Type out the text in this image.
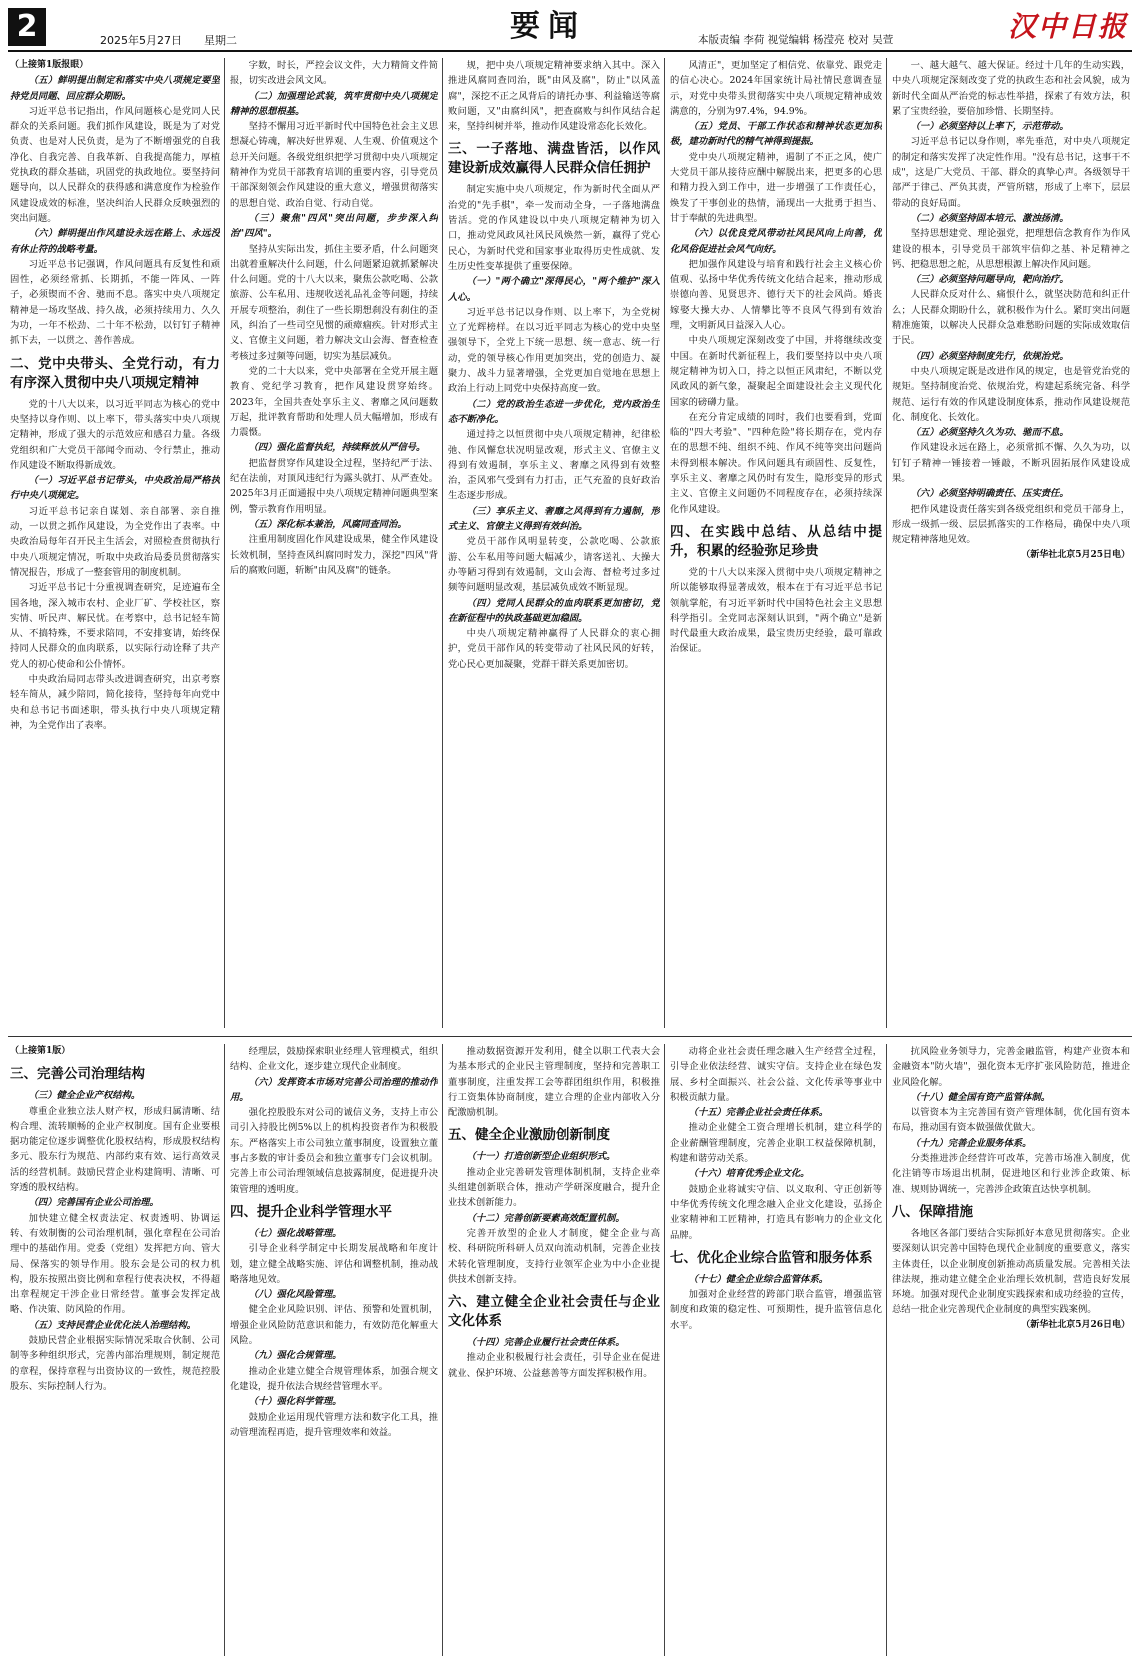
2	2025年5月27日 星期二	要闻	本版责编 李荷 视觉编辑 杨滢亮 校对 吴萱	汉中日报

（上接第1版报眼）

（五）鲜明提出制定和落实中央八项规定要坚持党员同题、回应群众期盼。

习近平总书记指出，作风问题核心是党同人民群众的关系问题。我们抓作风建设，既是为了对党负责、也是对人民负责，是为了不断增强党的自我净化、自我完善、自我革新、自我提高能力，厚植党执政的群众基础，巩固党的执政地位。要坚持问题导向，以人民群众的获得感和满意度作为检验作风建设成效的标准，坚决纠治人民群众反映强烈的突出问题。

（六）鲜明提出作风建设永远在路上、永远没有休止符的战略考量。

习近平总书记强调，作风问题具有反复性和顽固性，必须经常抓、长期抓，不能一阵风、一阵子，必须锲而不舍、驰而不息。落实中央八项规定精神是一场攻坚战、持久战，必须持续用力、久久为功，一年不松劲、二十年不松劲，以钉钉子精神抓下去，一以贯之、善作善成。

二、党中央带头、全党行动，有力有序深入贯彻中央八项规定精神

党的十八大以来，以习近平同志为核心的党中央坚持以身作则、以上率下，带头落实中央八项规定精神，形成了强大的示范效应和感召力量。各级党组织和广大党员干部闻令而动、令行禁止，推动作风建设不断取得新成效。

（一）习近平总书记带头，中央政治局严格执行中央八项规定。

习近平总书记亲自谋划、亲自部署、亲自推动，一以贯之抓作风建设，为全党作出了表率。中央政治局每年召开民主生活会，对照检查贯彻执行中央八项规定情况，听取中央政治局委员贯彻落实情况报告，形成了一整套管用的制度机制。

习近平总书记十分重视调查研究，足迹遍布全国各地，深入城市农村、企业厂矿、学校社区，察实情、听民声、解民忧。在考察中，总书记轻车简从、不搞特殊，不要求陪同，不安排宴请，始终保持同人民群众的血肉联系，以实际行动诠释了共产党人的初心使命和公仆情怀。

中央政治局同志带头改进调查研究，出京考察轻车简从，减少陪同，简化接待，坚持每年向党中央和总书记书面述职，带头执行中央八项规定精神，为全党作出了表率。

字数，时长，严控会议文件，大力精简文件简报，切实改进会风文风。

（二）加强理论武装，筑牢贯彻中央八项规定精神的思想根基。

坚持不懈用习近平新时代中国特色社会主义思想凝心铸魂，解决好世界观、人生观、价值观这个总开关问题。各级党组织把学习贯彻中央八项规定精神作为党员干部教育培训的重要内容，引导党员干部深刻领会作风建设的重大意义，增强贯彻落实的思想自觉、政治自觉、行动自觉。

（三）聚焦"四风"突出问题，步步深入纠治"四风"。

坚持从实际出发，抓住主要矛盾，什么问题突出就着重解决什么问题，什么问题紧迫就抓紧解决什么问题。党的十八大以来，聚焦公款吃喝、公款旅游、公车私用、违规收送礼品礼金等问题，持续开展专项整治，刹住了一些长期想刹没有刹住的歪风，纠治了一些司空见惯的顽瘴痼疾。针对形式主义、官僚主义问题，着力解决文山会海、督查检查考核过多过频等问题，切实为基层减负。

党的二十大以来，党中央部署在全党开展主题教育、党纪学习教育，把作风建设贯穿始终。2023年，全国共查处享乐主义、奢靡之风问题数万起，批评教育帮助和处理人员大幅增加，形成有力震慑。

（四）强化监督执纪，持续释放从严信号。

把监督贯穿作风建设全过程，坚持纪严于法、纪在法前，对顶风违纪行为露头就打、从严查处。2025年3月正面通报中央八项规定精神问题典型案例，警示教育作用明显。

（五）深化标本兼治，风腐同查同治。

注重用制度固化作风建设成果，健全作风建设长效机制，坚持查风纠腐同时发力，深挖"四风"背后的腐败问题，斩断"由风及腐"的链条。

规，把中央八项规定精神要求纳入其中。深入推进风腐同查同治，既"由风及腐"，防止"以风盖腐"，深挖不正之风背后的请托办事、利益输送等腐败问题，又"由腐纠风"，把查腐败与纠作风结合起来，坚持纠树并举，推动作风建设常态化长效化。

三、一子落地、满盘皆活，以作风建设新成效赢得人民群众信任拥护

制定实施中央八项规定，作为新时代全面从严治党的"先手棋"，牵一发而动全身，一子落地满盘皆活。党的作风建设以中央八项规定精神为切入口，推动党风政风社风民风焕然一新，赢得了党心民心，为新时代党和国家事业取得历史性成就、发生历史性变革提供了重要保障。

（一）"两个确立"深得民心，"两个维护"深入人心。

习近平总书记以身作则、以上率下，为全党树立了光辉榜样。在以习近平同志为核心的党中央坚强领导下，全党上下统一思想、统一意志、统一行动，党的领导核心作用更加突出，党的创造力、凝聚力、战斗力显著增强，全党更加自觉地在思想上政治上行动上同党中央保持高度一致。

（二）党的政治生态进一步优化，党内政治生态不断净化。

通过持之以恒贯彻中央八项规定精神，纪律松弛、作风懈怠状况明显改观，形式主义、官僚主义得到有效遏制，享乐主义、奢靡之风得到有效整治，歪风邪气受到有力打击，正气充盈的良好政治生态逐步形成。

（三）享乐主义、奢靡之风得到有力遏制，形式主义、官僚主义得到有效纠治。

党员干部作风明显转变，公款吃喝、公款旅游、公车私用等问题大幅减少，请客送礼、大操大办等陋习得到有效遏制，文山会海、督检考过多过频等问题明显改观，基层减负成效不断显现。

（四）党同人民群众的血肉联系更加密切，党在新征程中的执政基础更加稳固。

中央八项规定精神赢得了人民群众的衷心拥护，党员干部作风的转变带动了社风民风的好转，党心民心更加凝聚，党群干群关系更加密切。

风清正"，更加坚定了相信党、依靠党、跟党走的信心决心。2024年国家统计局社情民意调查显示，对党中央带头贯彻落实中央八项规定精神成效满意的，分别为97.4%，94.9%。

（五）党员、干部工作状态和精神状态更加积极，建功新时代的精气神得到提振。

党中央八项规定精神，遏制了不正之风，使广大党员干部从接待应酬中解脱出来，把更多的心思和精力投入到工作中，进一步增强了工作责任心，焕发了干事创业的热情，涌现出一大批勇于担当、甘于奉献的先进典型。

（六）以优良党风带动社风民风向上向善，优化风俗促进社会风气向好。

把加强作风建设与培育和践行社会主义核心价值观、弘扬中华优秀传统文化结合起来，推动形成崇德向善、见贤思齐、德行天下的社会风尚。婚丧嫁娶大操大办、人情攀比等不良风气得到有效治理，文明新风日益深入人心。

中央八项规定深刻改变了中国，并将继续改变中国。在新时代新征程上，我们要坚持以中央八项规定精神为切入口，持之以恒正风肃纪，不断以党风政风的新气象，凝聚起全面建设社会主义现代化国家的磅礴力量。

在充分肯定成绩的同时，我们也要看到，党面临的"四大考验"、"四种危险"将长期存在，党内存在的思想不纯、组织不纯、作风不纯等突出问题尚未得到根本解决。作风问题具有顽固性、反复性，享乐主义、奢靡之风仍时有发生，隐形变异的形式主义、官僚主义问题仍不同程度存在，必须持续深化作风建设。

四、在实践中总结、从总结中提升，积累的经验弥足珍贵

党的十八大以来深入贯彻中央八项规定精神之所以能够取得显著成效，根本在于有习近平总书记领航掌舵，有习近平新时代中国特色社会主义思想科学指引。全党同志深刻认识到，"两个确立"是新时代最重大政治成果，最宝贵历史经验，最可靠政治保证。

一、越大越气、越大保证。经过十几年的生动实践，中央八项规定深刻改变了党的执政生态和社会风貌，成为新时代全面从严治党的标志性举措，探索了有效方法，积累了宝贵经验，要倍加珍惜、长期坚持。

（一）必须坚持以上率下，示范带动。

习近平总书记以身作则，率先垂范，对中央八项规定的制定和落实发挥了决定性作用。"没有总书记，这事干不成"，这是广大党员、干部、群众的真挚心声。各级领导干部严于律己、严负其责，严管所辖，形成了上率下，层层带动的良好局面。

（二）必须坚持固本培元、激浊扬清。

坚持思想建党、理论强党，把理想信念教育作为作风建设的根本，引导党员干部筑牢信仰之基、补足精神之钙、把稳思想之舵，从思想根源上解决作风问题。

（三）必须坚持问题导向，靶向治疗。

人民群众反对什么、痛恨什么，就坚决防范和纠正什么；人民群众期盼什么，就积极作为什么。紧盯突出问题精准施策，以解决人民群众急难愁盼问题的实际成效取信于民。

（四）必须坚持制度先行，依规治党。

中央八项规定既是改进作风的规定，也是管党治党的规矩。坚持制度治党、依规治党，构建起系统完备、科学规范、运行有效的作风建设制度体系，推动作风建设规范化、制度化、长效化。

（五）必须坚持久久为功、驰而不息。

作风建设永远在路上，必须常抓不懈、久久为功，以钉钉子精神一锤接着一锤敲，不断巩固拓展作风建设成果。

（六）必须坚持明确责任、压实责任。

把作风建设责任落实到各级党组织和党员干部身上，形成一级抓一级、层层抓落实的工作格局，确保中央八项规定精神落地见效。

（新华社北京5月25日电）

（上接第1版）

三、完善公司治理结构

（三）健全企业产权结构。

尊重企业独立法人财产权，形成归属清晰、结构合理、流转顺畅的企业产权制度。国有企业要根据功能定位逐步调整优化股权结构，形成股权结构多元、股东行为规范、内部约束有效、运行高效灵活的经营机制。鼓励民营企业构建简明、清晰、可穿透的股权结构。

（四）完善国有企业公司治理。

加快建立健全权责法定、权责透明、协调运转、有效制衡的公司治理机制，强化章程在公司治理中的基础作用。党委（党组）发挥把方向、管大局、保落实的领导作用。股东会是公司的权力机构，股东按照出资比例和章程行使表决权，不得超出章程规定干涉企业日常经营。董事会发挥定战略、作决策、防风险的作用。

（五）支持民营企业优化法人治理结构。

鼓励民营企业根据实际情况采取合伙制、公司制等多种组织形式，完善内部治理规则，制定规范的章程，保持章程与出资协议的一致性，规范控股股东、实际控制人行为。

经理层，鼓励探索职业经理人管理模式，组织结构、企业文化，逐步建立现代企业制度。

（六）发挥资本市场对完善公司治理的推动作用。

强化控股股东对公司的诚信义务，支持上市公司引入持股比例5%以上的机构投资者作为积极股东。严格落实上市公司独立董事制度，设置独立董事占多数的审计委员会和独立董事专门会议机制。完善上市公司治理领域信息披露制度，促进提升决策管理的透明度。

四、提升企业科学管理水平

（七）强化战略管理。

引导企业科学制定中长期发展战略和年度计划，建立健全战略实施、评估和调整机制，推动战略落地见效。

（八）强化风险管理。

健全企业风险识别、评估、预警和处置机制，增强企业风险防范意识和能力，有效防范化解重大风险。

（九）强化合规管理。

推动企业建立健全合规管理体系，加强合规文化建设，提升依法合规经营管理水平。

（十）强化科学管理。

鼓励企业运用现代管理方法和数字化工具，推动管理流程再造，提升管理效率和效益。

推动数据资源开发利用，健全以职工代表大会为基本形式的企业民主管理制度，坚持和完善职工董事制度，注重发挥工会等群团组织作用，积极推行工资集体协商制度，建立合理的企业内部收入分配激励机制。

五、健全企业激励创新制度

（十一）打造创新型企业组织形式。

推动企业完善研发管理体制机制，支持企业牵头组建创新联合体，推动产学研深度融合，提升企业技术创新能力。

（十二）完善创新要素高效配置机制。

完善开放型的企业人才制度，健全企业与高校、科研院所科研人员双向流动机制，完善企业技术转化管理制度，支持行业领军企业为中小企业提供技术创新支持。

六、建立健全企业社会责任与企业文化体系

（十四）完善企业履行社会责任体系。

推动企业积极履行社会责任，引导企业在促进就业、保护环境、公益慈善等方面发挥积极作用。

动将企业社会责任理念融入生产经营全过程，引导企业依法经营、诚实守信。支持企业在绿色发展、乡村全面振兴、社会公益、文化传承等事业中积极贡献力量。

（十五）完善企业社会责任体系。

推动企业健全工资合理增长机制，建立科学的企业薪酬管理制度，完善企业职工权益保障机制，构建和谐劳动关系。

（十六）培育优秀企业文化。

鼓励企业将诚实守信、以义取利、守正创新等中华优秀传统文化理念融入企业文化建设，弘扬企业家精神和工匠精神，打造具有影响力的企业文化品牌。

七、优化企业综合监管和服务体系

（十七）健全企业综合监管体系。

加强对企业经营的跨部门联合监管，增强监管制度和政策的稳定性、可预期性，提升监管信息化水平。

抗风险业务领导力，完善金融监管，构建产业资本和金融资本"防火墙"，强化资本无序扩张风险防范，推进企业风险化解。

（十八）健全国有资产监管体制。

以管资本为主完善国有资产管理体制，优化国有资本布局，推动国有资本做强做优做大。

（十九）完善企业服务体系。

分类推进涉企经营许可改革，完善市场准入制度，优化注销等市场退出机制，促进地区和行业涉企政策、标准、规则协调统一，完善涉企政策直达快享机制。

八、保障措施

各地区各部门要结合实际抓好本意见贯彻落实。企业要深刻认识完善中国特色现代企业制度的重要意义，落实主体责任，以企业制度创新推动高质量发展。完善相关法律法规，推动建立健全企业治理长效机制，营造良好发展环境。加强对现代企业制度实践探索和成功经验的宣传，总结一批企业完善现代企业制度的典型实践案例。

（新华社北京5月26日电）
